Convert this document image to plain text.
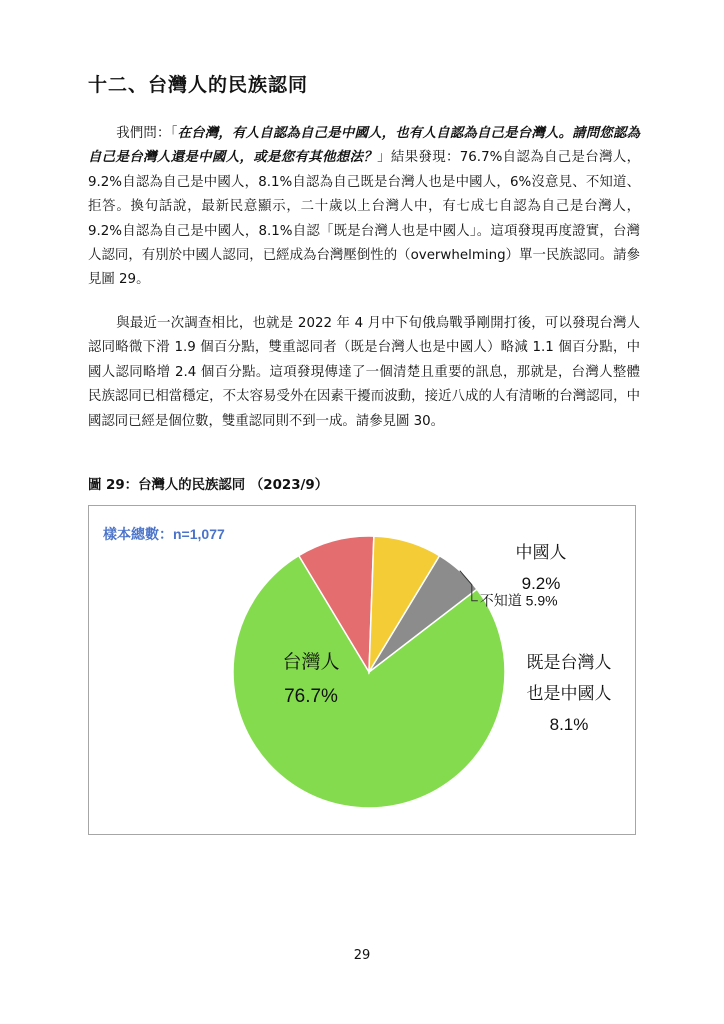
十二、台灣人的民族認同

我們問：「在台灣，有人自認為自己是中國人，也有人自認為自己是台灣人。請問您認為自己是台灣人還是中國人，或是您有其他想法？」結果發現：76.7%自認為自己是台灣人，9.2%自認為自己是中國人，8.1%自認為自己既是台灣人也是中國人，6%沒意見、不知道、拒答。換句話說，最新民意顯示，二十歲以上台灣人中，有七成七自認為自己是台灣人，9.2%自認為自己是中國人，8.1%自認「既是台灣人也是中國人」。這項發現再度證實，台灣人認同，有別於中國人認同，已經成為台灣壓倒性的（overwhelming）單一民族認同。請參見圖 29。

與最近一次調查相比，也就是 2022 年 4 月中下旬俄烏戰爭剛開打後，可以發現台灣人認同略微下滑 1.9 個百分點，雙重認同者（既是台灣人也是中國人）略減 1.1 個百分點，中國人認同略增 2.4 個百分點。這項發現傳達了一個清楚且重要的訊息，那就是，台灣人整體民族認同已相當穩定，不太容易受外在因素干擾而波動，接近八成的人有清晰的台灣認同，中國認同已經是個位數，雙重認同則不到一成。請參見圖 30。

圖 29：台灣人的民族認同 （2023/9）

樣本總數：n=1,077
台灣人
76.7%
中國人
9.2%
既是台灣人
也是中國人
8.1%
不知道 5.9%
29
